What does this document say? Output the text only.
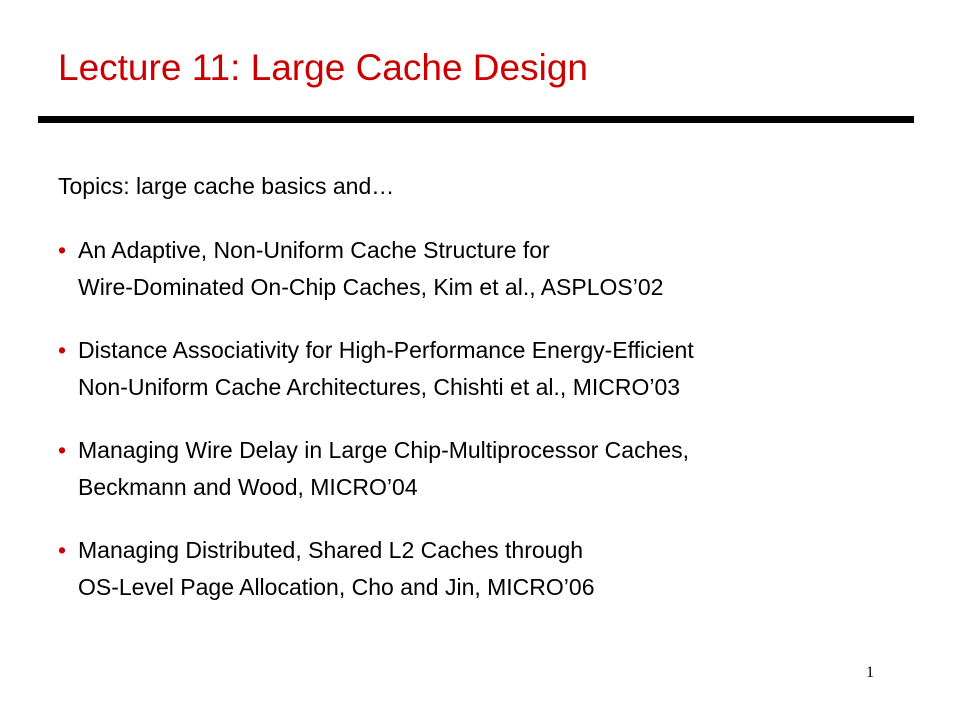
Lecture 11: Large Cache Design
Topics: large cache basics and…
• An Adaptive, Non-Uniform Cache Structure for
Wire-Dominated On-Chip Caches, Kim et al., ASPLOS’02
• Distance Associativity for High-Performance Energy-Efficient
Non-Uniform Cache Architectures, Chishti et al., MICRO’03
• Managing Wire Delay in Large Chip-Multiprocessor Caches,
Beckmann and Wood, MICRO’04
• Managing Distributed, Shared L2 Caches through
OS-Level Page Allocation, Cho and Jin, MICRO’06
1
